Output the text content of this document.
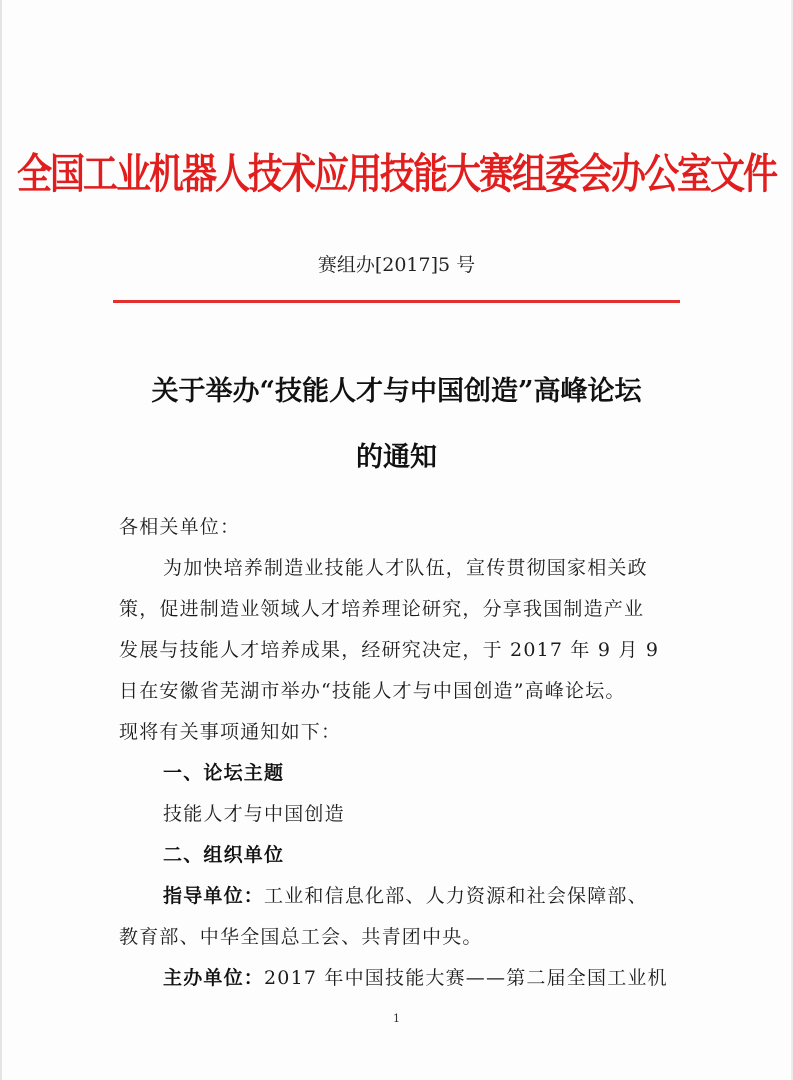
全国工业机器人技术应用技能大赛组委会办公室文件
赛组办[2017]5 号
关于举办“技能人才与中国创造”高峰论坛
的通知
各相关单位：
为加快培养制造业技能人才队伍，宣传贯彻国家相关政
策，促进制造业领域人才培养理论研究，分享我国制造产业
发展与技能人才培养成果，经研究决定，于 2017 年 9 月 9
日在安徽省芜湖市举办“技能人才与中国创造”高峰论坛。
现将有关事项通知如下：
一、论坛主题
技能人才与中国创造
二、组织单位
指导单位：工业和信息化部、人力资源和社会保障部、
教育部、中华全国总工会、共青团中央。
主办单位：2017 年中国技能大赛——第二届全国工业机
1
